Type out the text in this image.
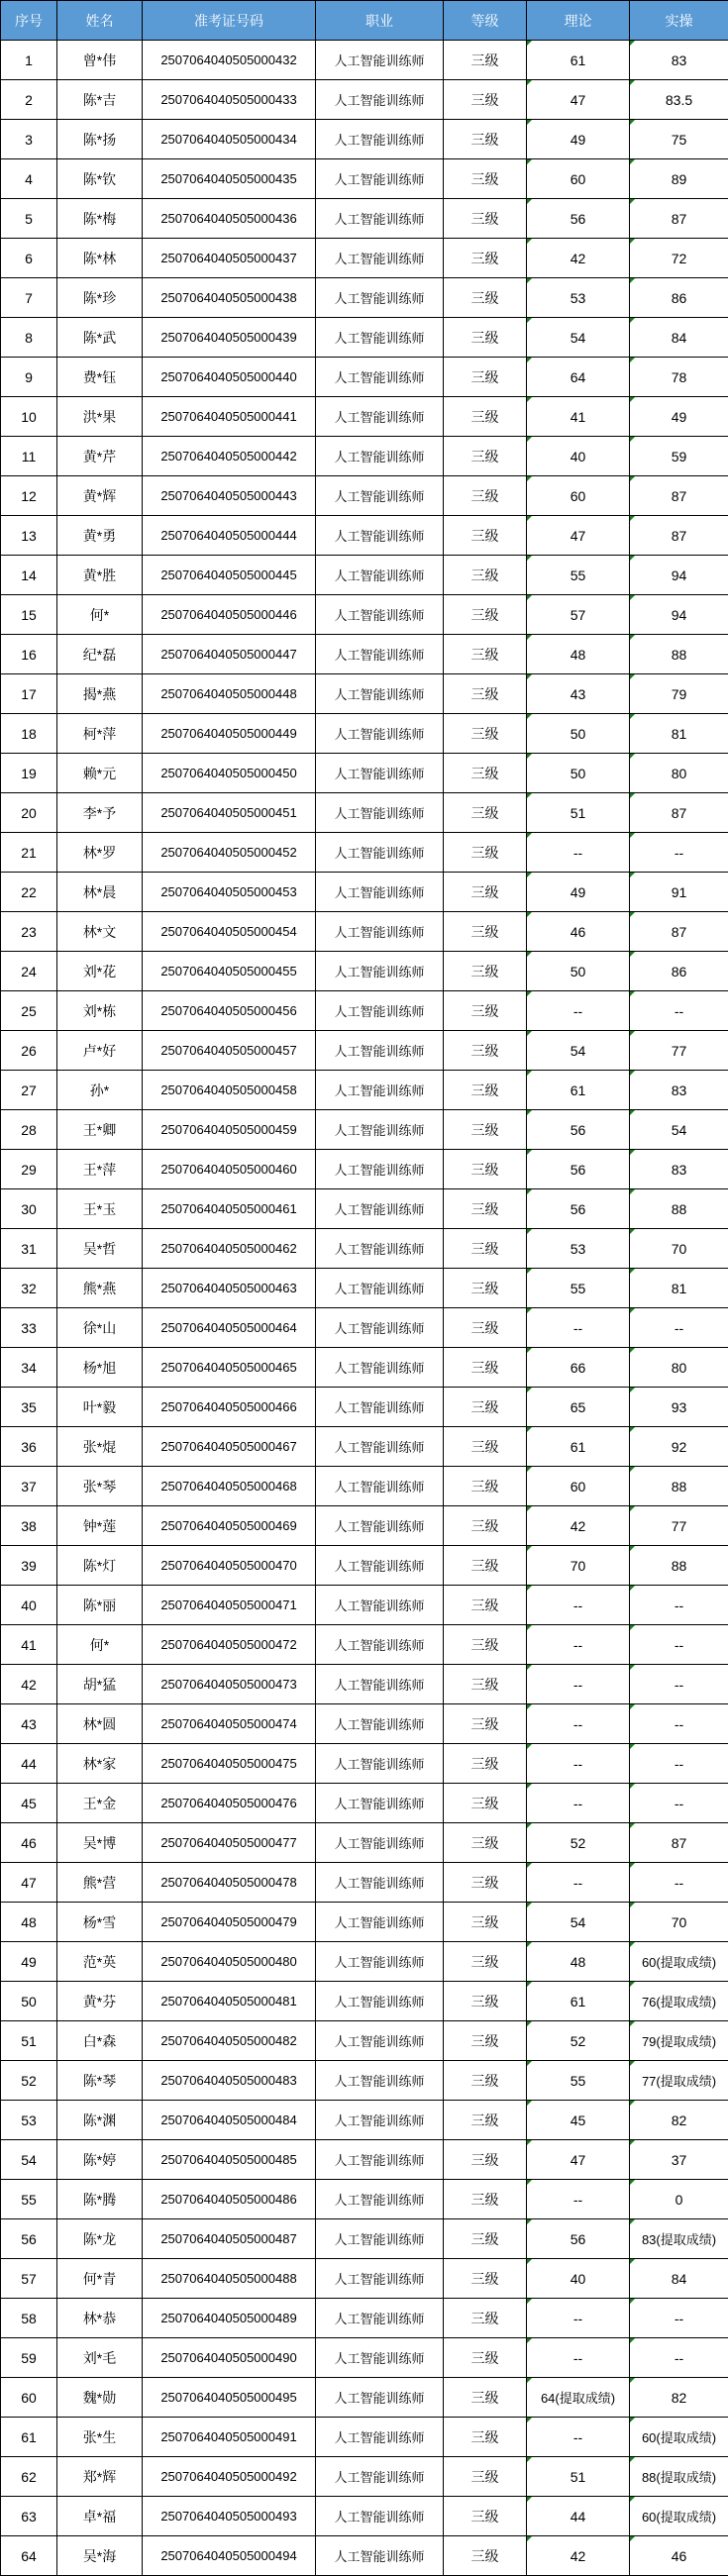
序号	姓名	准考证号码	职业	等级	理论	实操
1	曾*伟	2507064040505000432	人工智能训练师	三级	61	83
2	陈*吉	2507064040505000433	人工智能训练师	三级	47	83.5
3	陈*扬	2507064040505000434	人工智能训练师	三级	49	75
4	陈*钦	2507064040505000435	人工智能训练师	三级	60	89
5	陈*梅	2507064040505000436	人工智能训练师	三级	56	87
6	陈*林	2507064040505000437	人工智能训练师	三级	42	72
7	陈*珍	2507064040505000438	人工智能训练师	三级	53	86
8	陈*武	2507064040505000439	人工智能训练师	三级	54	84
9	费*钰	2507064040505000440	人工智能训练师	三级	64	78
10	洪*果	2507064040505000441	人工智能训练师	三级	41	49
11	黄*芹	2507064040505000442	人工智能训练师	三级	40	59
12	黄*辉	2507064040505000443	人工智能训练师	三级	60	87
13	黄*勇	2507064040505000444	人工智能训练师	三级	47	87
14	黄*胜	2507064040505000445	人工智能训练师	三级	55	94
15	何*	2507064040505000446	人工智能训练师	三级	57	94
16	纪*磊	2507064040505000447	人工智能训练师	三级	48	88
17	揭*燕	2507064040505000448	人工智能训练师	三级	43	79
18	柯*萍	2507064040505000449	人工智能训练师	三级	50	81
19	赖*元	2507064040505000450	人工智能训练师	三级	50	80
20	李*予	2507064040505000451	人工智能训练师	三级	51	87
21	林*罗	2507064040505000452	人工智能训练师	三级	--	--
22	林*晨	2507064040505000453	人工智能训练师	三级	49	91
23	林*文	2507064040505000454	人工智能训练师	三级	46	87
24	刘*花	2507064040505000455	人工智能训练师	三级	50	86
25	刘*栋	2507064040505000456	人工智能训练师	三级	--	--
26	卢*好	2507064040505000457	人工智能训练师	三级	54	77
27	孙*	2507064040505000458	人工智能训练师	三级	61	83
28	王*卿	2507064040505000459	人工智能训练师	三级	56	54
29	王*萍	2507064040505000460	人工智能训练师	三级	56	83
30	王*玉	2507064040505000461	人工智能训练师	三级	56	88
31	吴*哲	2507064040505000462	人工智能训练师	三级	53	70
32	熊*燕	2507064040505000463	人工智能训练师	三级	55	81
33	徐*山	2507064040505000464	人工智能训练师	三级	--	--
34	杨*旭	2507064040505000465	人工智能训练师	三级	66	80
35	叶*毅	2507064040505000466	人工智能训练师	三级	65	93
36	张*焜	2507064040505000467	人工智能训练师	三级	61	92
37	张*琴	2507064040505000468	人工智能训练师	三级	60	88
38	钟*莲	2507064040505000469	人工智能训练师	三级	42	77
39	陈*灯	2507064040505000470	人工智能训练师	三级	70	88
40	陈*丽	2507064040505000471	人工智能训练师	三级	--	--
41	何*	2507064040505000472	人工智能训练师	三级	--	--
42	胡*猛	2507064040505000473	人工智能训练师	三级	--	--
43	林*圆	2507064040505000474	人工智能训练师	三级	--	--
44	林*家	2507064040505000475	人工智能训练师	三级	--	--
45	王*金	2507064040505000476	人工智能训练师	三级	--	--
46	吴*博	2507064040505000477	人工智能训练师	三级	52	87
47	熊*营	2507064040505000478	人工智能训练师	三级	--	--
48	杨*雪	2507064040505000479	人工智能训练师	三级	54	70
49	范*英	2507064040505000480	人工智能训练师	三级	48	60(提取成绩)
50	黄*芬	2507064040505000481	人工智能训练师	三级	61	76(提取成绩)
51	白*森	2507064040505000482	人工智能训练师	三级	52	79(提取成绩)
52	陈*琴	2507064040505000483	人工智能训练师	三级	55	77(提取成绩)
53	陈*渊	2507064040505000484	人工智能训练师	三级	45	82
54	陈*婷	2507064040505000485	人工智能训练师	三级	47	37
55	陈*腾	2507064040505000486	人工智能训练师	三级	--	0
56	陈*龙	2507064040505000487	人工智能训练师	三级	56	83(提取成绩)
57	何*青	2507064040505000488	人工智能训练师	三级	40	84
58	林*恭	2507064040505000489	人工智能训练师	三级	--	--
59	刘*毛	2507064040505000490	人工智能训练师	三级	--	--
60	魏*勋	2507064040505000495	人工智能训练师	三级	64(提取成绩)	82
61	张*生	2507064040505000491	人工智能训练师	三级	--	60(提取成绩)
62	郑*辉	2507064040505000492	人工智能训练师	三级	51	88(提取成绩)
63	卓*福	2507064040505000493	人工智能训练师	三级	44	60(提取成绩)
64	吴*海	2507064040505000494	人工智能训练师	三级	42	46
